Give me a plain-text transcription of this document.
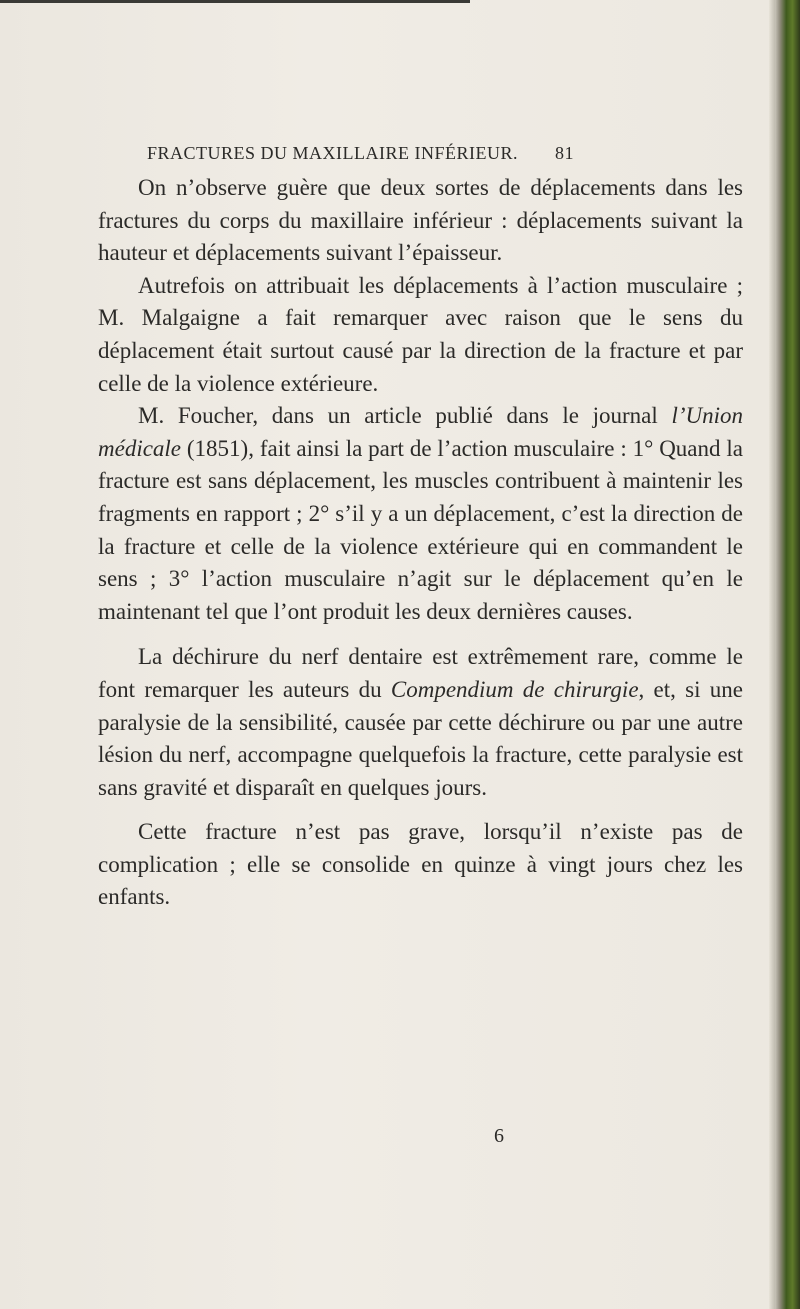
FRACTURES DU MAXILLAIRE INFÉRIEUR. 81

On n’observe guère que deux sortes de déplacements dans les fractures du corps du maxillaire inférieur : déplacements suivant la hauteur et déplacements suivant l’épaisseur.

Autrefois on attribuait les déplacements à l’action musculaire ; M. Malgaigne a fait remarquer avec raison que le sens du déplacement était surtout causé par la direction de la fracture et par celle de la violence extérieure.

M. Foucher, dans un article publié dans le journal l’Union médicale (1851), fait ainsi la part de l’action musculaire : 1° Quand la fracture est sans déplacement, les muscles contribuent à maintenir les fragments en rapport ; 2° s’il y a un déplacement, c’est la direction de la fracture et celle de la violence extérieure qui en commandent le sens ; 3° l’action musculaire n’agit sur le déplacement qu’en le maintenant tel que l’ont produit les deux dernières causes.

La déchirure du nerf dentaire est extrêmement rare, comme le font remarquer les auteurs du Compendium de chirurgie, et, si une paralysie de la sensibilité, causée par cette déchirure ou par une autre lésion du nerf, accompagne quelquefois la fracture, cette paralysie est sans gravité et disparaît en quelques jours.

Cette fracture n’est pas grave, lorsqu’il n’existe pas de complication ; elle se consolide en quinze à vingt jours chez les enfants.

6
